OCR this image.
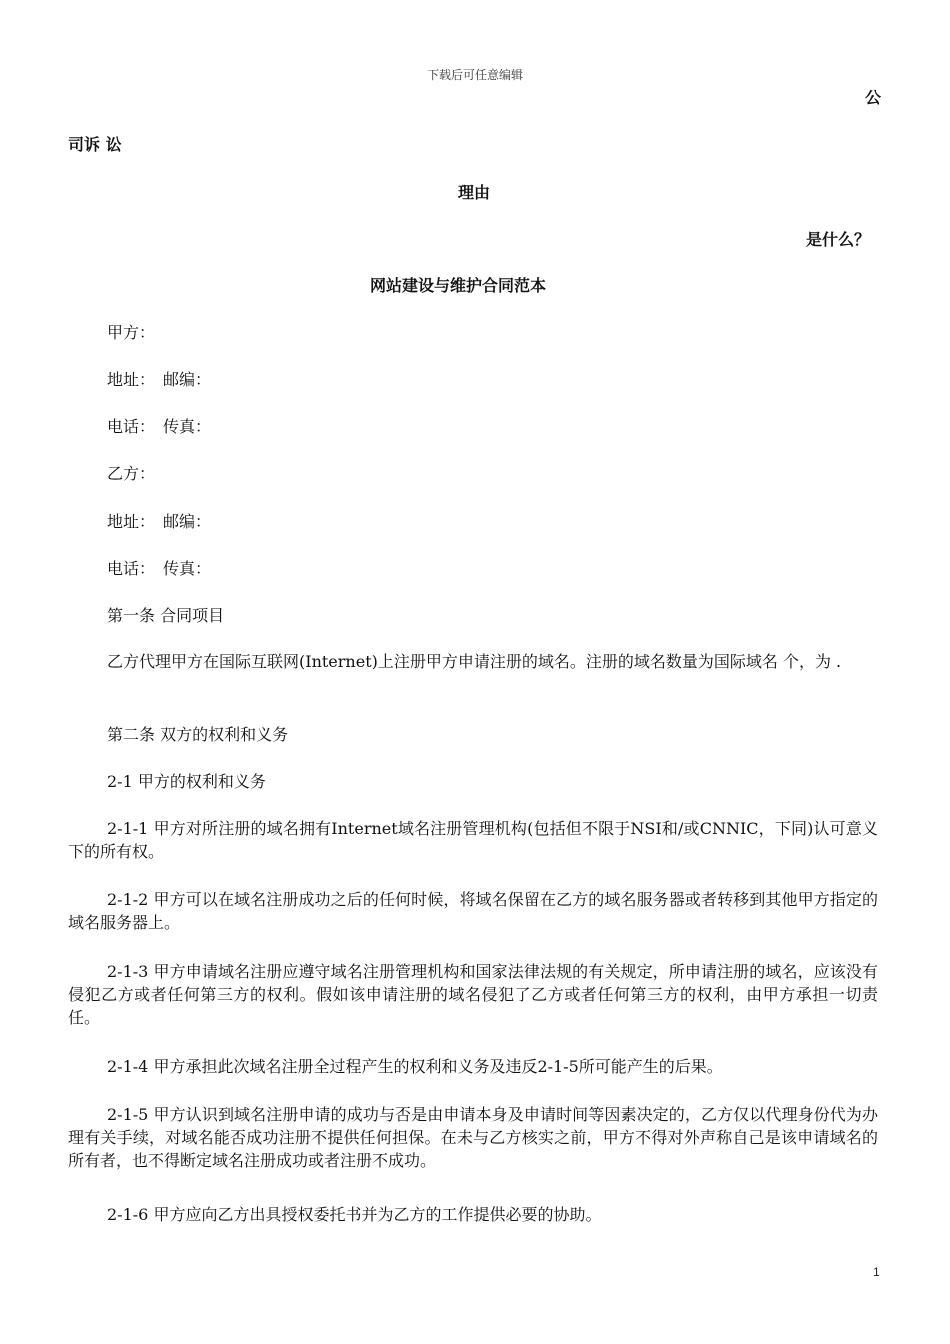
下载后可任意编辑
公
司诉 讼
理由
是什么？
网站建设与维护合同范本
甲方：
地址：　邮编：
电话：　传真：
乙方：
地址：　邮编：
电话：　传真：
第一条 合同项目

乙方代理甲方在国际互联网(Internet)上注册甲方申请注册的域名。注册的域名数量为国际域名 个，为 .

第二条 双方的权利和义务
2-1 甲方的权利和义务

2-1-1 甲方对所注册的域名拥有Internet域名注册管理机构(包括但不限于NSI和/或CNNIC，下同)认可意义下的所有权。

2-1-2 甲方可以在域名注册成功之后的任何时候，将域名保留在乙方的域名服务器或者转移到其他甲方指定的域名服务器上。

2-1-3 甲方申请域名注册应遵守域名注册管理机构和国家法律法规的有关规定，所申请注册的域名，应该没有侵犯乙方或者任何第三方的权利。假如该申请注册的域名侵犯了乙方或者任何第三方的权利，由甲方承担一切责任。

2-1-4 甲方承担此次域名注册全过程产生的权利和义务及违反2-1-5所可能产生的后果。

2-1-5 甲方认识到域名注册申请的成功与否是由申请本身及申请时间等因素决定的，乙方仅以代理身份代为办理有关手续，对域名能否成功注册不提供任何担保。在未与乙方核实之前，甲方不得对外声称自己是该申请域名的所有者，也不得断定域名注册成功或者注册不成功。

2-1-6 甲方应向乙方出具授权委托书并为乙方的工作提供必要的协助。

1
